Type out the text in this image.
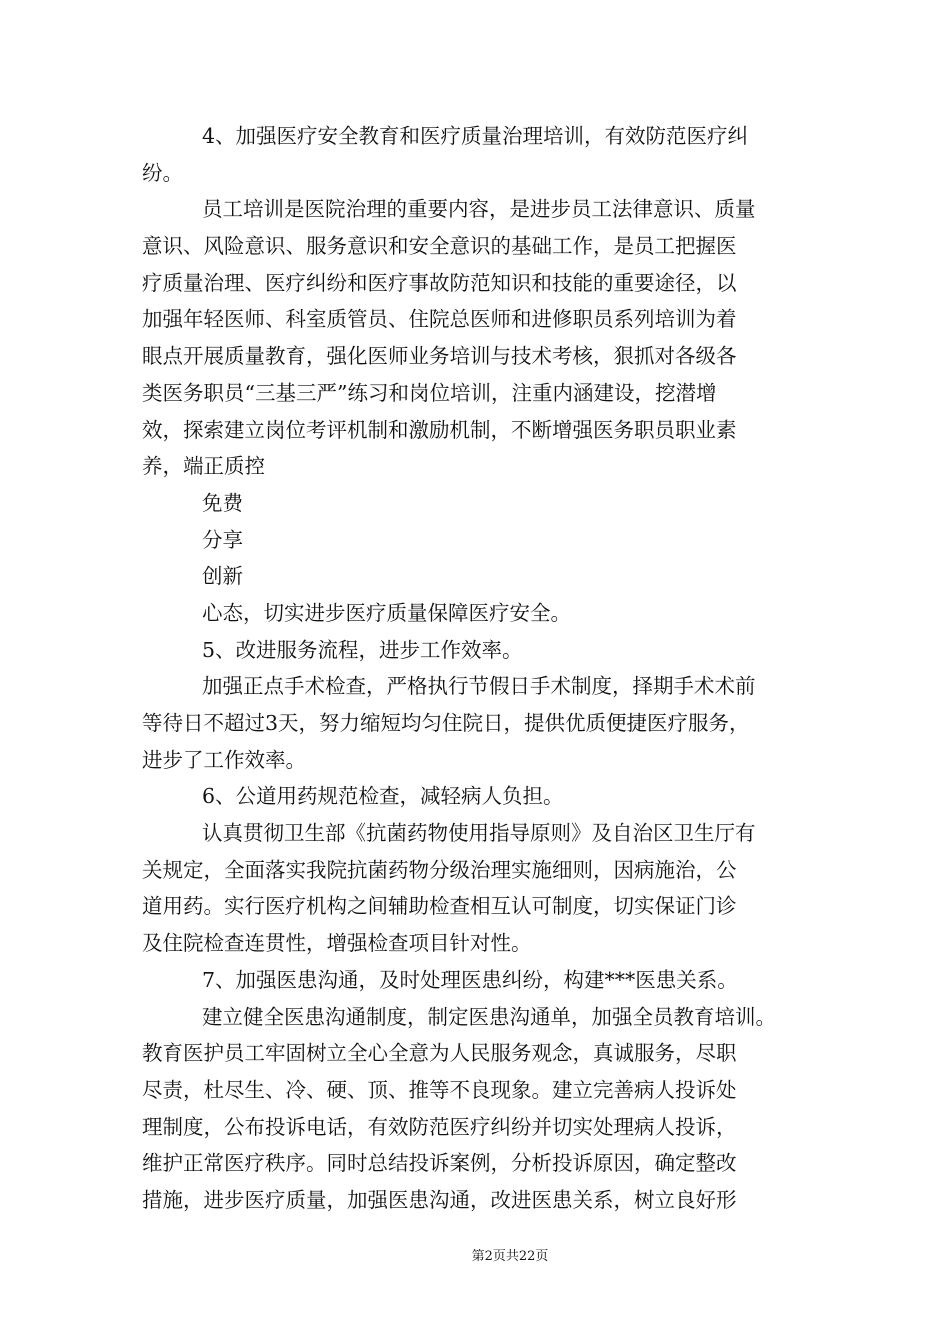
4、加强医疗安全教育和医疗质量治理培训，有效防范医疗纠
纷。
员工培训是医院治理的重要内容，是进步员工法律意识、质量
意识、风险意识、服务意识和安全意识的基础工作，是员工把握医
疗质量治理、医疗纠纷和医疗事故防范知识和技能的重要途径，以
加强年轻医师、科室质管员、住院总医师和进修职员系列培训为着
眼点开展质量教育，强化医师业务培训与技术考核，狠抓对各级各
类医务职员“三基三严”练习和岗位培训，注重内涵建设，挖潜增
效，探索建立岗位考评机制和激励机制，不断增强医务职员职业素
养，端正质控
免费
分享
创新
心态，切实进步医疗质量保障医疗安全。
5、改进服务流程，进步工作效率。
加强正点手术检查，严格执行节假日手术制度，择期手术术前
等待日不超过3天，努力缩短均匀住院日，提供优质便捷医疗服务，
进步了工作效率。
6、公道用药规范检查，减轻病人负担。
认真贯彻卫生部《抗菌药物使用指导原则》及自治区卫生厅有
关规定，全面落实我院抗菌药物分级治理实施细则，因病施治，公
道用药。实行医疗机构之间辅助检查相互认可制度，切实保证门诊
及住院检查连贯性，增强检查项目针对性。
7、加强医患沟通，及时处理医患纠纷，构建***医患关系。
建立健全医患沟通制度，制定医患沟通单，加强全员教育培训。
教育医护员工牢固树立全心全意为人民服务观念，真诚服务，尽职
尽责，杜尽生、冷、硬、顶、推等不良现象。建立完善病人投诉处
理制度，公布投诉电话，有效防范医疗纠纷并切实处理病人投诉，
维护正常医疗秩序。同时总结投诉案例，分析投诉原因，确定整改
措施，进步医疗质量，加强医患沟通，改进医患关系，树立良好形
第2页共22页
